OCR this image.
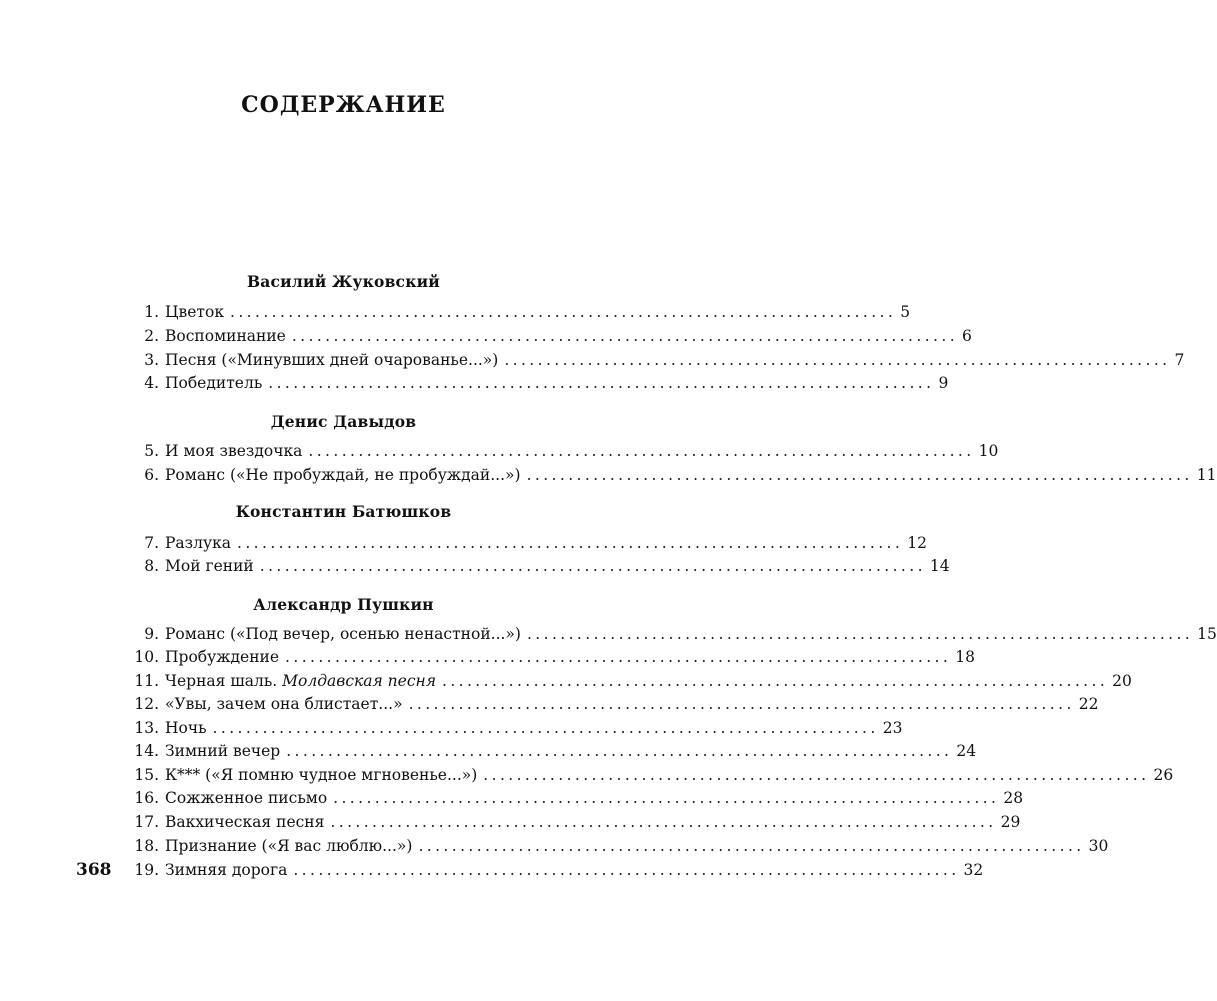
СОДЕРЖАНИЕ
Василий Жуковский
1. Цветок ................................................................................ 5
2. Воспоминание ................................................................................ 6
3. Песня («Минувших дней очарованье...») ................................................................................ 7
4. Победитель ................................................................................ 9
Денис Давыдов
5. И моя звездочка ................................................................................ 10
6. Романс («Не пробуждай, не пробуждай...») ................................................................................ 11
Константин Батюшков
7. Разлука ................................................................................ 12
8. Мой гений ................................................................................ 14
Александр Пушкин
9. Романс («Под вечер, осенью ненастной...») ................................................................................ 15
10. Пробуждение ................................................................................ 18
11. Черная шаль. Молдавская песня ................................................................................ 20
12. «Увы, зачем она блистает...» ................................................................................ 22
13. Ночь ................................................................................ 23
14. Зимний вечер ................................................................................ 24
15. К*** («Я помню чудное мгновенье...») ................................................................................ 26
16. Сожженное письмо ................................................................................ 28
17. Вакхическая песня ................................................................................ 29
18. Признание («Я вас люблю...») ................................................................................ 30
19. Зимняя дорога ................................................................................ 32
368
